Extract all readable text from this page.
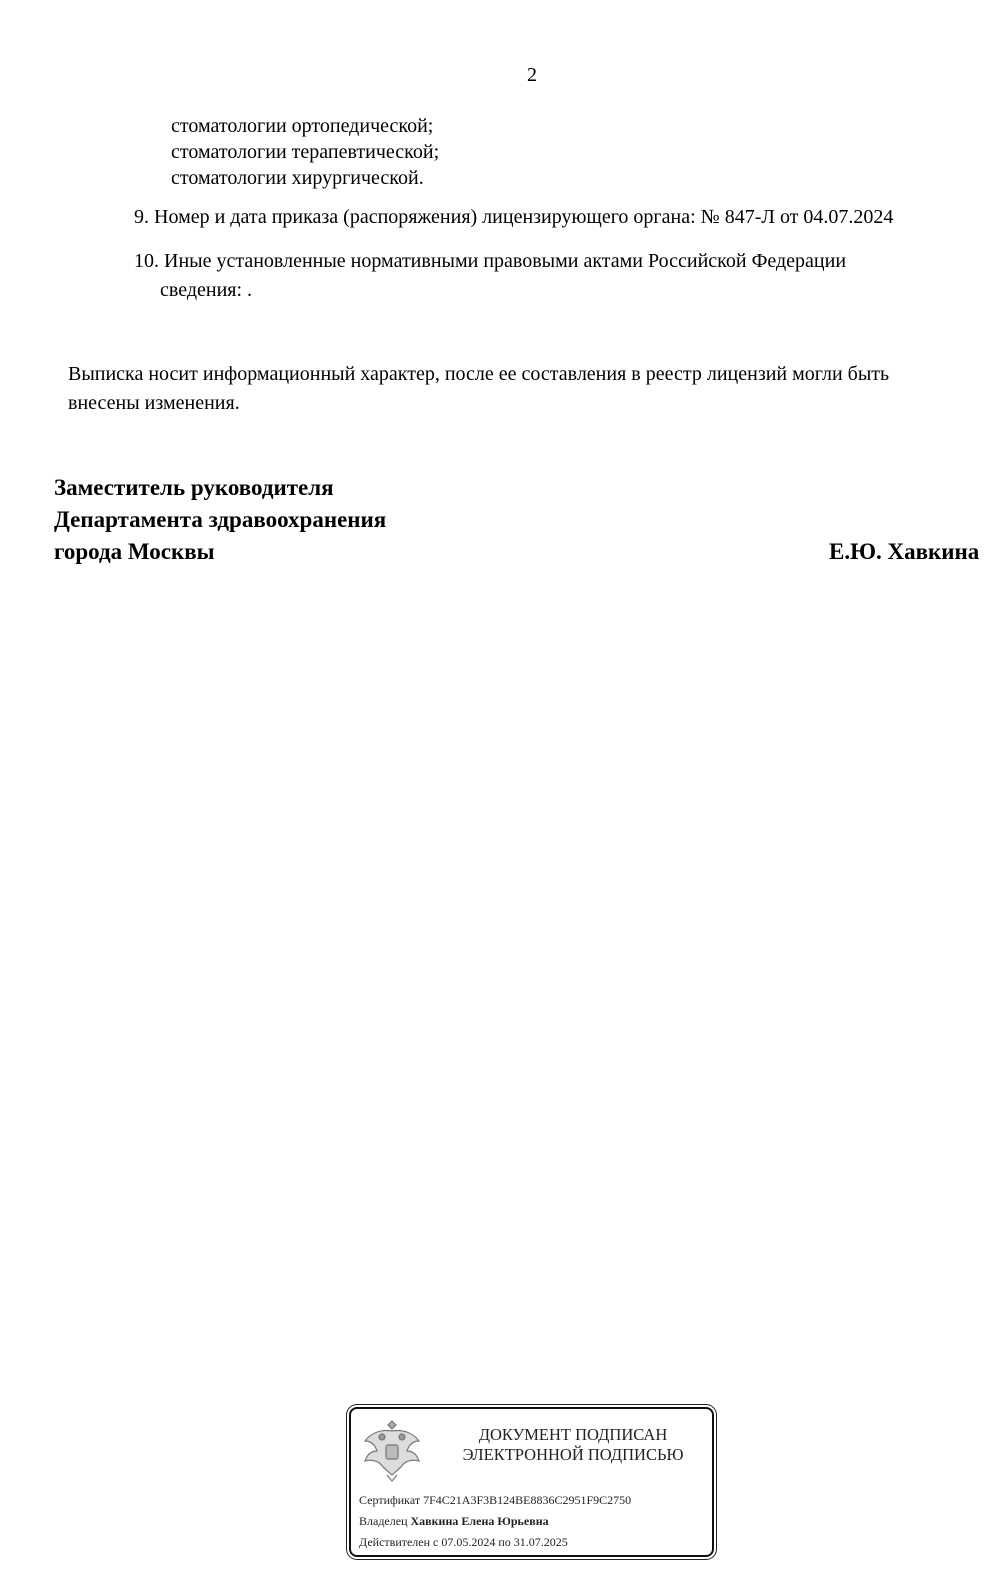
2
стоматологии ортопедической;
стоматологии терапевтической;
стоматологии хирургической.
9. Номер и дата приказа (распоряжения) лицензирующего органа: № 847-Л от 04.07.2024
10. Иные установленные нормативными правовыми актами Российской Федерации
сведения: .
Выписка носит информационный характер, после ее составления в реестр лицензий могли быть
внесены изменения.
Заместитель руководителя
Департамента здравоохранения
города Москвы	Е.Ю. Хавкина
ДОКУМЕНТ ПОДПИСАН
ЭЛЕКТРОННОЙ ПОДПИСЬЮ
Сертификат 7F4C21A3F3B124BE8836C2951F9C2750
Владелец Хавкина Елена Юрьевна
Действителен с 07.05.2024 по 31.07.2025
